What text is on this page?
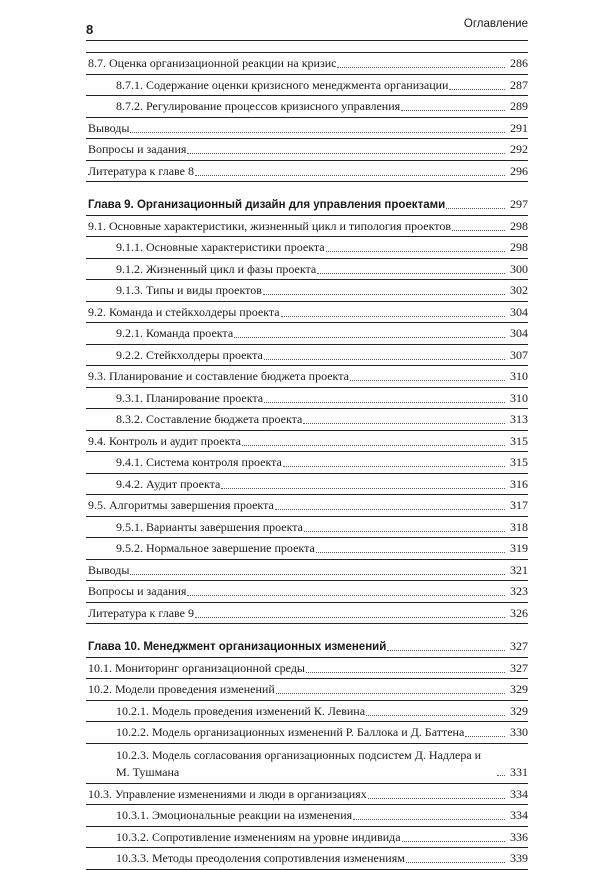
8	Оглавление
8.7. Оценка организационной реакции на кризис	286
8.7.1. Содержание оценки кризисного менеджмента организации	287
8.7.2. Регулирование процессов кризисного управления	289
Выводы	291
Вопросы и задания	292
Литература к главе 8	296
Глава 9. Организационный дизайн для управления проектами	297
9.1. Основные характеристики, жизненный цикл и типология проектов	298
9.1.1. Основные характеристики проекта	298
9.1.2. Жизненный цикл и фазы проекта	300
9.1.3. Типы и виды проектов	302
9.2. Команда и стейкхолдеры проекта	304
9.2.1. Команда проекта	304
9.2.2. Стейкхолдеры проекта	307
9.3. Планирование и составление бюджета проекта	310
9.3.1. Планирование проекта	310
8.3.2. Составление бюджета проекта	313
9.4. Контроль и аудит проекта	315
9.4.1. Система контроля проекта	315
9.4.2. Аудит проекта	316
9.5. Алгоритмы завершения проекта	317
9.5.1. Варианты завершения проекта	318
9.5.2. Нормальное завершение проекта	319
Выводы	321
Вопросы и задания	323
Литература к главе 9	326
Глава 10. Менеджмент организационных изменений	327
10.1. Мониторинг организационной среды	327
10.2. Модели проведения изменений	329
10.2.1. Модель проведения изменений К. Левина	329
10.2.2. Модель организационных изменений Р. Баллока и Д. Баттена	330
10.2.3. Модель согласования организационных подсистем Д. Надлера и М. Тушмана	331
10.3. Управление изменениями и люди в организациях	334
10.3.1. Эмоциональные реакции на изменения	334
10.3.2. Сопротивление изменениям на уровне индивида	336
10.3.3. Методы преодоления сопротивления изменениям	339
